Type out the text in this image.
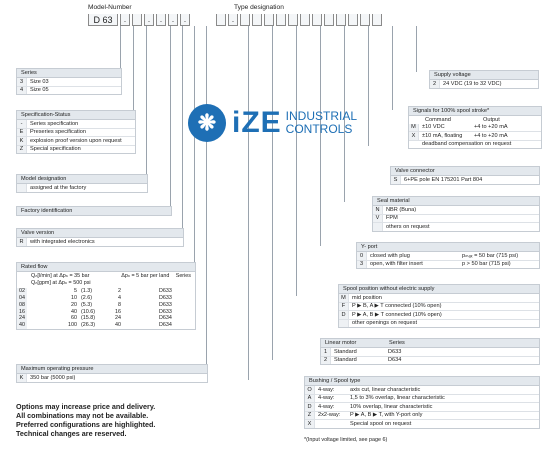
Model-Number	Type designation
D 63	.	.	.	.	.	.
❋ iZE INDUSTRIAL
CONTROLS
Series
3	Size 03
4	Size 05
Specification-Status
-	Series specification
E	Preseries specification
K	explosion proof version upon request
Z	Special specification
Model designation
assigned at the factory
Factory identification
Valve version
R	with integrated electronics
Rated flow
Qₙ[l/min] at Δpₙ = 35 bar	Δpₙ = 5 bar per land	Series
Qₙ[gpm] at Δpₙ = 500 psi
02	5	(1.3)	2	D633
04	10	(2.6)	4	D633
08	20	(5.3)	8	D633
16	40	(10.6)	16	D633
24	60	(15.8)	24	D634
40	100	(26.3)	40	D634
Maximum operating pressure
K	350 bar (5000 psi)
Options may increase price and delivery.
All combinations may not be available.
Preferred configurations are highlighted.
Technical changes are reserved.
Supply voltage
2	24 VDC (19 to 32 VDC)
Signals for 100% spool stroke*
Command	Output
M	±10 VDC	+4 to +20 mA
X	±10 mA, floating	+4 to +20 mA
deadband compensation on request
Valve connector
S	6+PE pole EN 175201 Part 804
Seal material
N	NBR (Buna)
V	FPM
others on request
Y- port
0	closed with plug	pₘₐₓ = 50 bar (715 psi)
3	open, with filter insert	p > 50 bar (715 psi)
Spool position without electric supply
M	mid position
F	P ▶ B, A ▶ T connected (10% open)
D	P ▶ A, B ▶ T connected (10% open)
other openings on request
Linear motor	Series
1	Standard	D633
2	Standard	D634
Bushing / Spool type
O	4-way:	axis cut, linear characteristic
A	4-way:	1,5 to 3% overlap, linear characteristic
D	4-way:	10% overlap, linear characteristic
Z	2x2-way:	P ▶ A, B ▶ T, with Y-port only
X	Special spool on request
*(Input voltage limited, see page 6)
